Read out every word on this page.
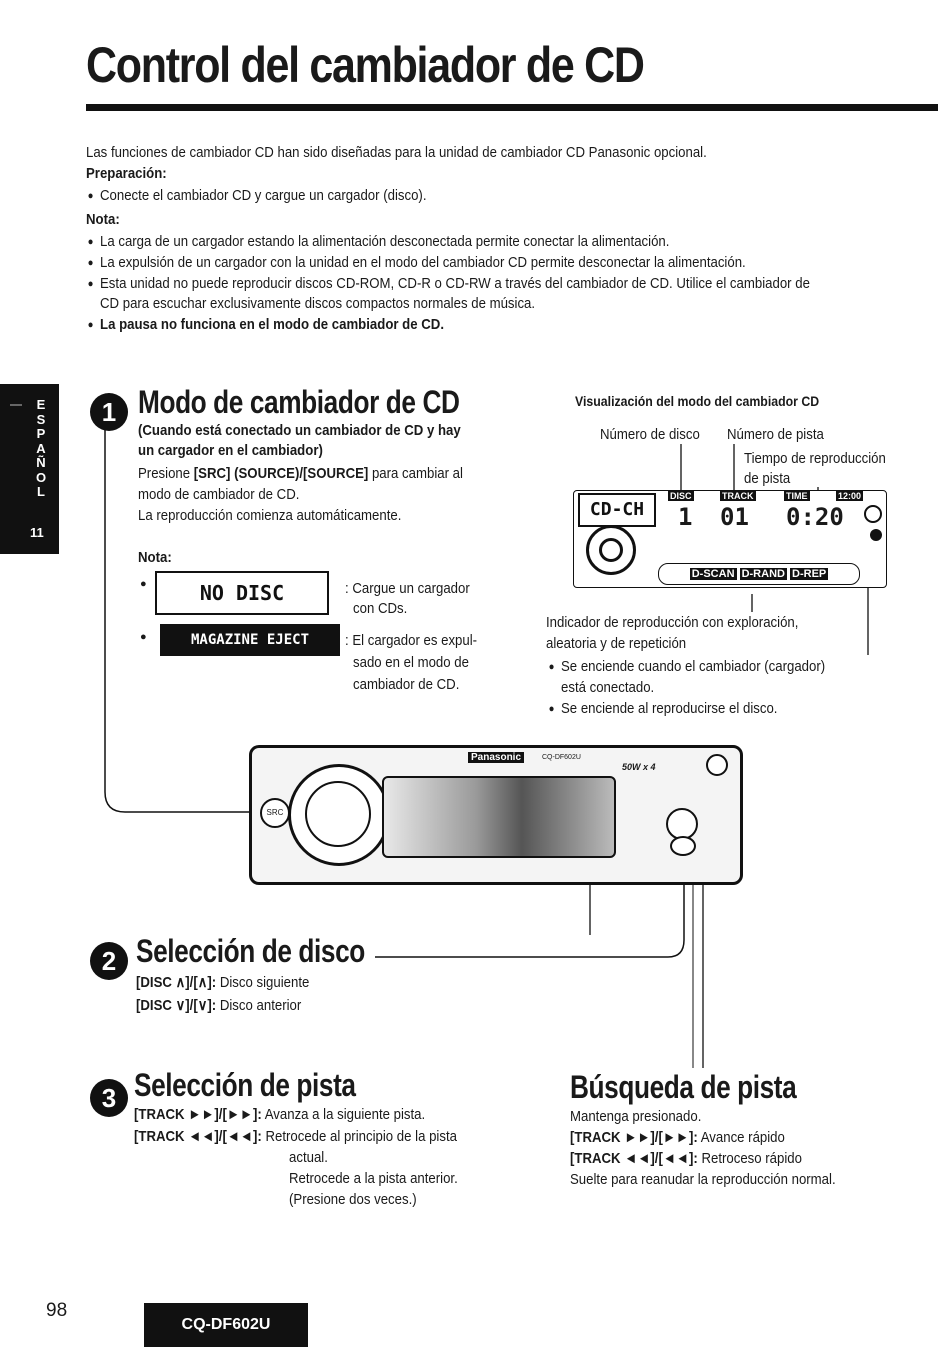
Control del cambiador de CD
Las funciones de cambiador CD han sido diseñadas para la unidad de cambiador CD Panasonic opcional.
Preparación:
● Conecte el cambiador CD y cargue un cargador (disco).
Nota:
● La carga de un cargador estando la alimentación desconectada permite conectar la alimentación.
● La expulsión de un cargador con la unidad en el modo del cambiador CD permite desconectar la alimentación.
● Esta unidad no puede reproducir discos CD-ROM, CD-R o CD-RW a través del cambiador de CD. Utilice el cambiador de
CD para escuchar exclusivamente discos compactos normales de música.
● La pausa no funciona en el modo de cambiador de CD.
E
S
P
A
Ñ
O
L
11
1 Modo de cambiador de CD
(Cuando está conectado un cambiador de CD y hay
un cargador en el cambiador)
Presione [SRC] (SOURCE)/[SOURCE] para cambiar al
modo de cambiador de CD.
La reproducción comienza automáticamente.
Nota:
●	NO DISC	: Cargue un cargador
con CDs.
●	MAGAZINE EJECT	: El cargador es expul-
sado en el modo de
cambiador de CD.
Visualización del modo del cambiador CD
Número de disco Número de pista
Tiempo de reproducción
de pista
CD-CH
DISC	TRACK	TIME	12:00
1 01 0:20
D-SCAN D-RAND D-REP
Indicador de reproducción con exploración,
aleatoria y de repetición
● Se enciende cuando el cambiador (cargador)
está conectado.
● Se enciende al reproducirse el disco.
SRC
Panasonic	CQ-DF602U
50W x 4
2 Selección de disco
[DISC ∧]/[∧]: Disco siguiente
[DISC ∨]/[∨]: Disco anterior
3 Selección de pista
[TRACK ►►]/[►►]: Avanza a la siguiente pista.
[TRACK ◄◄]/[◄◄]: Retrocede al principio de la pista
actual.
Retrocede a la pista anterior.
(Presione dos veces.)
Búsqueda de pista
Mantenga presionado.
[TRACK ►►]/[►►]: Avance rápido
[TRACK ◄◄]/[◄◄]: Retroceso rápido
Suelte para reanudar la reproducción normal.
98
CQ-DF602U
